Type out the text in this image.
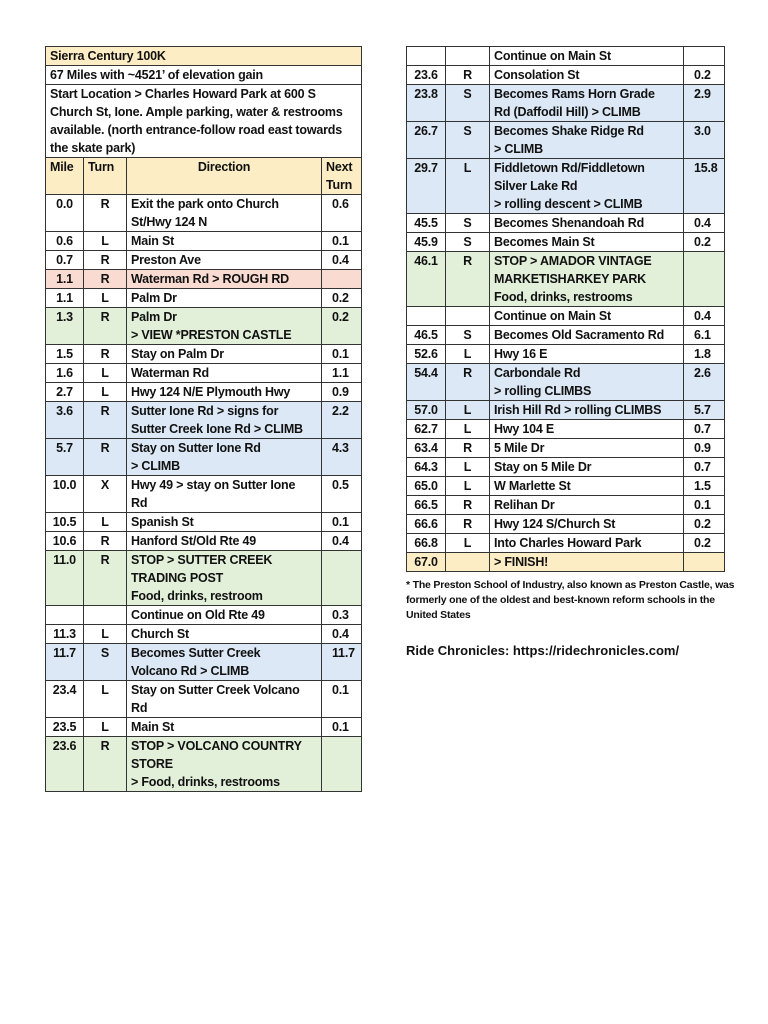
Sierra Century 100K			
67 Miles with ~4521’ of elevation gain			
Start Location > Charles Howard Park at 600 S Church St, Ione. Ample parking, water & restrooms available. (north entrance-follow road east towards the skate park)			
Mile	Turn	Direction	Next Turn
0.0	R	Exit the park onto Church
St/Hwy 124 N	0.6
0.6	L	Main St	0.1
0.7	R	Preston Ave	0.4
1.1	R	Waterman Rd > ROUGH RD	

1.1	L	Palm Dr	0.2
1.3	R	Palm Dr
> VIEW *PRESTON CASTLE	0.2
1.5	R	Stay on Palm Dr	0.1
1.6	L	Waterman Rd	1.1
2.7	L	Hwy 124 N/E Plymouth Hwy	0.9
3.6	R	Sutter Ione Rd > signs for
Sutter Creek Ione Rd > CLIMB	2.2
5.7	R	Stay on Sutter Ione Rd
> CLIMB	4.3
10.0	X	Hwy 49 > stay on Sutter Ione
Rd	0.5
10.5	L	Spanish St	0.1
10.6	R	Hanford St/Old Rte 49	0.4
11.0	R	STOP > SUTTER CREEK
TRADING POST
Food, drinks, restroom	

		Continue on Old Rte 49	0.3
11.3	L	Church St	0.4
11.7	S	Becomes Sutter Creek
Volcano Rd > CLIMB	11.7
23.4	L	Stay on Sutter Creek Volcano
Rd	0.1
23.5	L	Main St	0.1
23.6	R	STOP > VOLCANO COUNTRY
STORE
> Food, drinks, restrooms	

		Continue on Main St	

23.6	R	Consolation St	0.2
23.8	S	Becomes Rams Horn Grade
Rd (Daffodil Hill) > CLIMB	2.9
26.7	S	Becomes Shake Ridge Rd
> CLIMB	3.0
29.7	L	Fiddletown Rd/Fiddletown
Silver Lake Rd
> rolling descent > CLIMB	15.8
45.5	S	Becomes Shenandoah Rd	0.4
45.9	S	Becomes Main St	0.2
46.1	R	STOP > AMADOR VINTAGE
MARKETISHARKEY PARK
Food, drinks, restrooms	

		Continue on Main St	0.4
46.5	S	Becomes Old Sacramento Rd	6.1
52.6	L	Hwy 16 E	1.8
54.4	R	Carbondale Rd
> rolling CLIMBS	2.6
57.0	L	Irish Hill Rd > rolling CLIMBS	5.7
62.7	L	Hwy 104 E	0.7
63.4	R	5 Mile Dr	0.9
64.3	L	Stay on 5 Mile Dr	0.7
65.0	L	W Marlette St	1.5
66.5	R	Relihan Dr	0.1
66.6	R	Hwy 124 S/Church St	0.2
66.8	L	Into Charles Howard Park	0.2
67.0		> FINISH!	

* The Preston School of Industry, also known as Preston Castle, was formerly one of the oldest and best-known reform schools in the United States
Ride Chronicles: https://ridechronicles.com/
